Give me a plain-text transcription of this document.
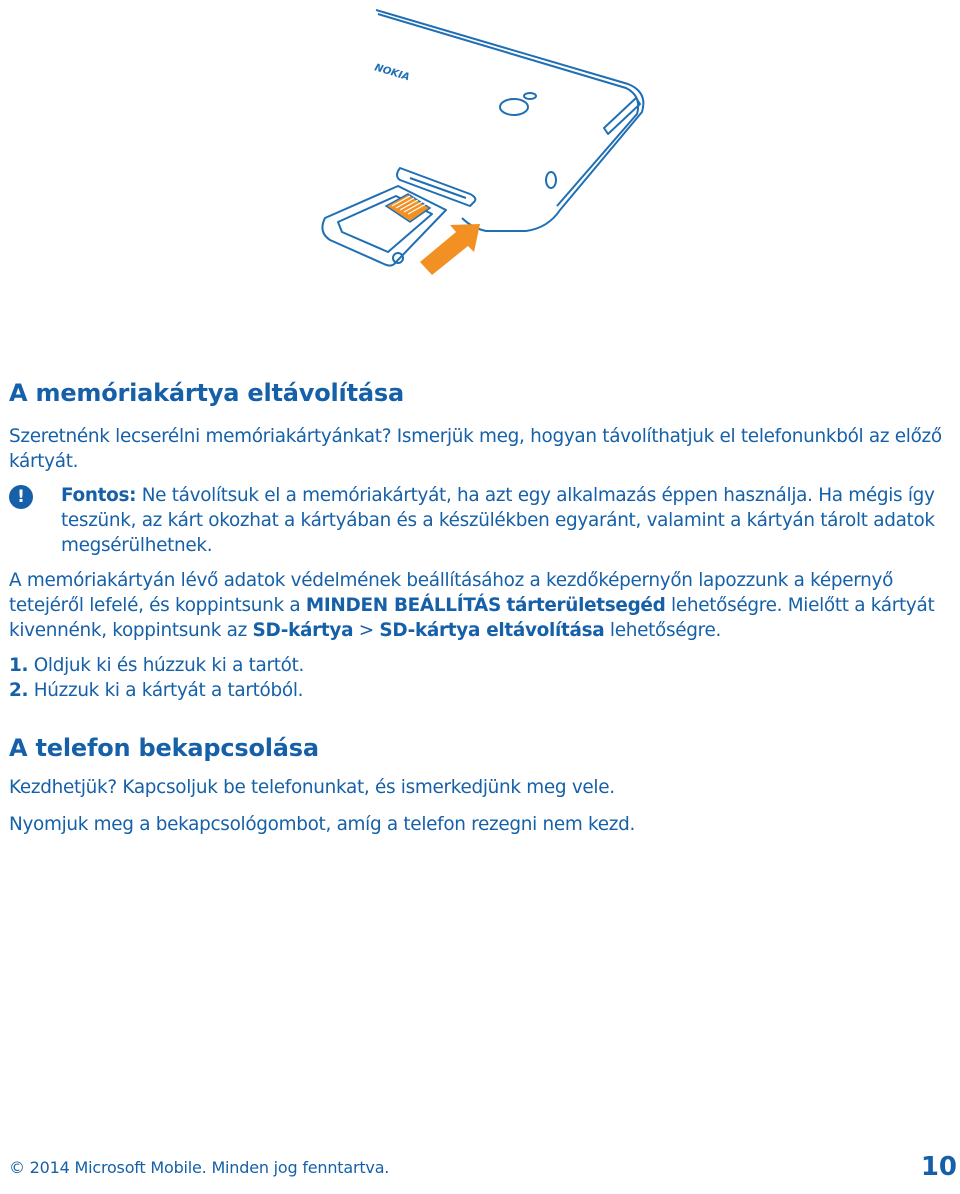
NOKIA
A memóriakártya eltávolítása

Szeretnénk lecserélni memóriakártyánkat? Ismerjük meg, hogyan távolíthatjuk el telefonunkból az előző kártyát.

!	Fontos: Ne távolítsuk el a memóriakártyát, ha azt egy alkalmazás éppen használja. Ha mégis így teszünk, az kárt okozhat a kártyában és a készülékben egyaránt, valamint a kártyán tárolt adatok megsérülhetnek.

A memóriakártyán lévő adatok védelmének beállításához a kezdőképernyőn lapozzunk a képernyő tetejéről lefelé, és koppintsunk a MINDEN BEÁLLÍTÁS tárterületsegéd lehetőségre. Mielőtt a kártyát kivennénk, koppintsunk az SD-kártya > SD-kártya eltávolítása lehetőségre.

1. Oldjuk ki és húzzuk ki a tartót.

2. Húzzuk ki a kártyát a tartóból.

A telefon bekapcsolása

Kezdhetjük? Kapcsoljuk be telefonunkat, és ismerkedjünk meg vele.

Nyomjuk meg a bekapcsológombot, amíg a telefon rezegni nem kezd.

© 2014 Microsoft Mobile. Minden jog fenntartva.	10
